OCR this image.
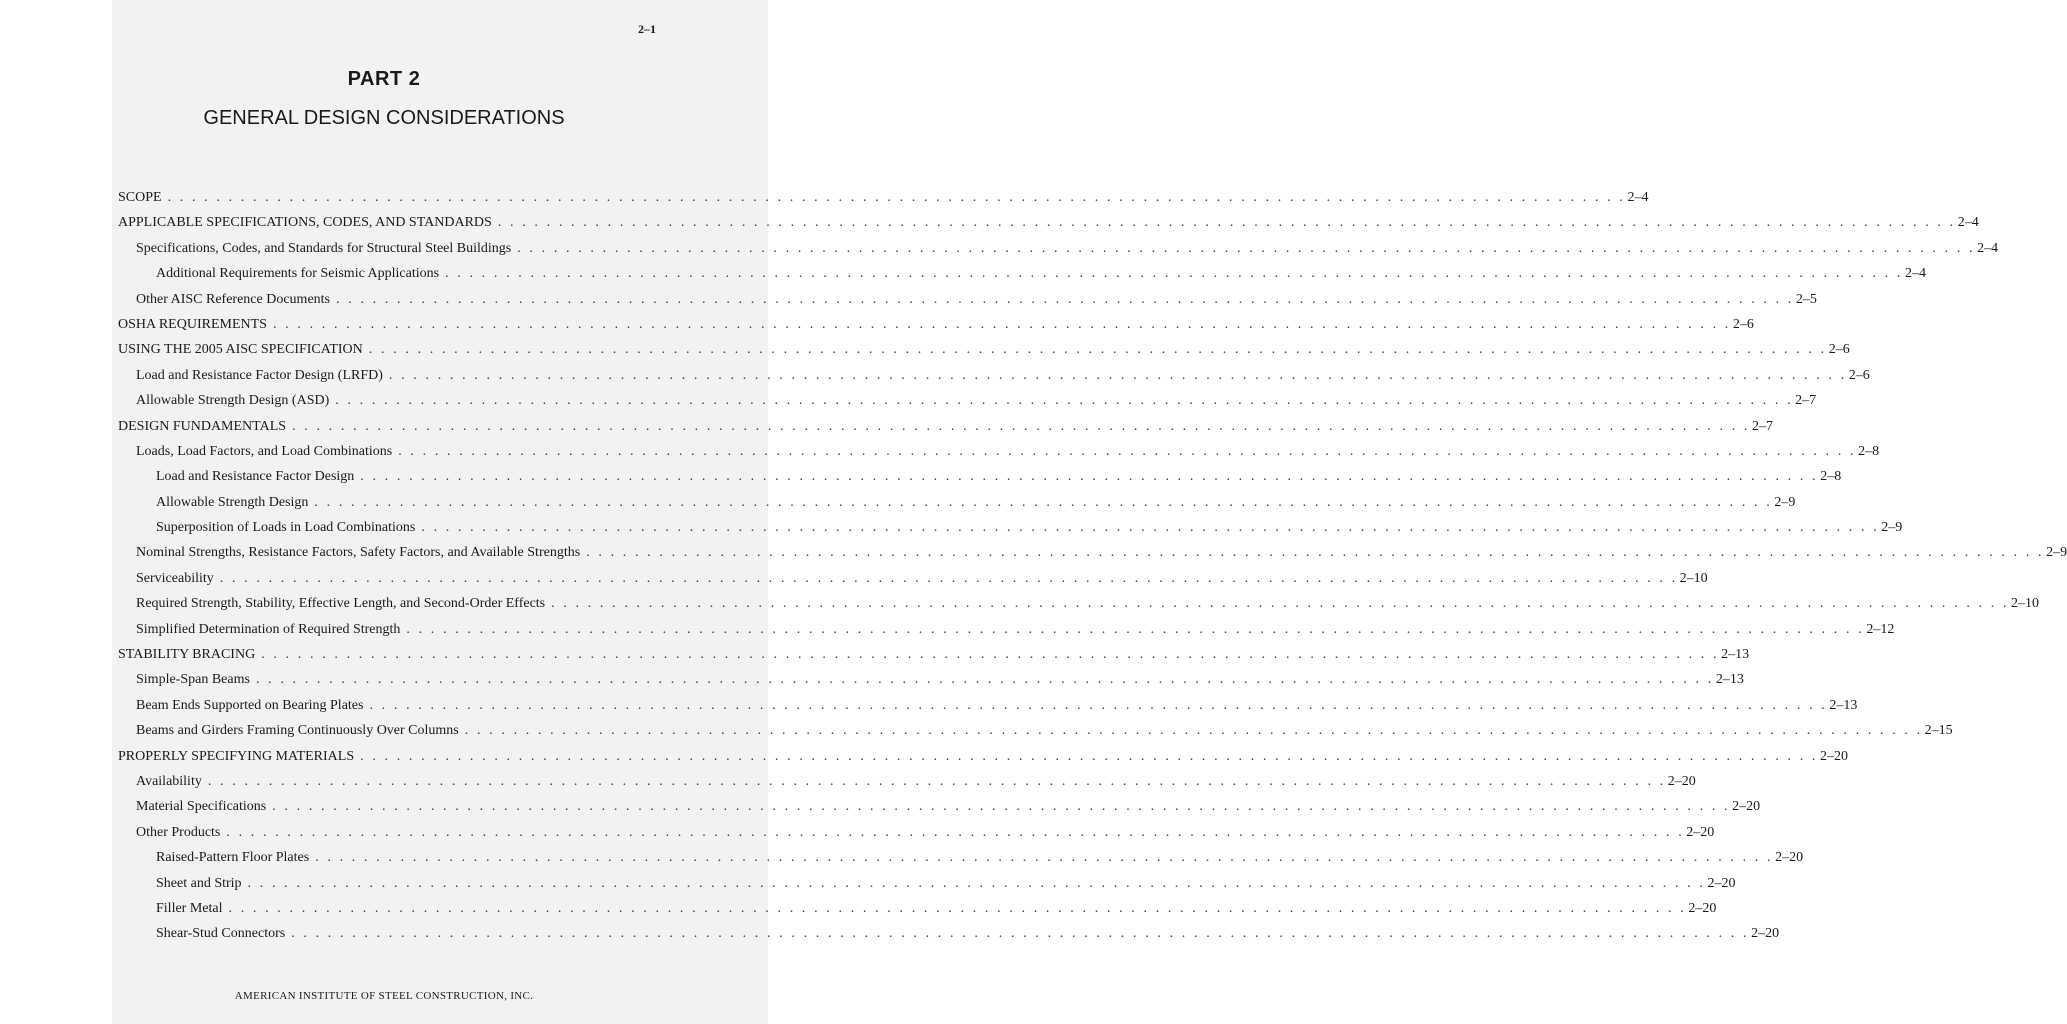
2–1
PART 2
GENERAL DESIGN CONSIDERATIONS
SCOPE . . . . . . . . . . . . . . . . . . . . . . . . . . . . . . . . . . . . . . . . . . . . . . . . . . . . . . . . . . . . . . . . . . . . . . . . . . . . . . . . . . . . . . . . . . . . . . . . . . . . . . . . . . . . . . . . . . . . . . . . 2–4
APPLICABLE SPECIFICATIONS, CODES, AND STANDARDS . . . . . . . . . . . . . . . . . . . . . . . . . . . . . . . . . . . . . . . . . . . . . . . . . . . . . . . . . . . . . . . . . . . . . . . . . . . . . . . . . . . . . . . . . . . . . . . . . . . . . . . . . . . . . . . . . . . . . . . . 2–4
Specifications, Codes, and Standards for Structural Steel Buildings . . . . . . . . . . . . . . . . . . . . . . . . . . . . . . . . . . . . . . . . . . . . . . . . . . . . . . . . . . . . . . . . . . . . . . . . . . . . . . . . . . . . . . . . . . . . . . . . . . . . . . . . . . . . . . . . . . . . . . . . 2–4
Additional Requirements for Seismic Applications . . . . . . . . . . . . . . . . . . . . . . . . . . . . . . . . . . . . . . . . . . . . . . . . . . . . . . . . . . . . . . . . . . . . . . . . . . . . . . . . . . . . . . . . . . . . . . . . . . . . . . . . . . . . . . . . . . . . . . . . 2–4
Other AISC Reference Documents . . . . . . . . . . . . . . . . . . . . . . . . . . . . . . . . . . . . . . . . . . . . . . . . . . . . . . . . . . . . . . . . . . . . . . . . . . . . . . . . . . . . . . . . . . . . . . . . . . . . . . . . . . . . . . . . . . . . . . . . 2–5
OSHA REQUIREMENTS . . . . . . . . . . . . . . . . . . . . . . . . . . . . . . . . . . . . . . . . . . . . . . . . . . . . . . . . . . . . . . . . . . . . . . . . . . . . . . . . . . . . . . . . . . . . . . . . . . . . . . . . . . . . . . . . . . . . . . . . 2–6
USING THE 2005 AISC SPECIFICATION . . . . . . . . . . . . . . . . . . . . . . . . . . . . . . . . . . . . . . . . . . . . . . . . . . . . . . . . . . . . . . . . . . . . . . . . . . . . . . . . . . . . . . . . . . . . . . . . . . . . . . . . . . . . . . . . . . . . . . . . 2–6
Load and Resistance Factor Design (LRFD) . . . . . . . . . . . . . . . . . . . . . . . . . . . . . . . . . . . . . . . . . . . . . . . . . . . . . . . . . . . . . . . . . . . . . . . . . . . . . . . . . . . . . . . . . . . . . . . . . . . . . . . . . . . . . . . . . . . . . . . . 2–6
Allowable Strength Design (ASD) . . . . . . . . . . . . . . . . . . . . . . . . . . . . . . . . . . . . . . . . . . . . . . . . . . . . . . . . . . . . . . . . . . . . . . . . . . . . . . . . . . . . . . . . . . . . . . . . . . . . . . . . . . . . . . . . . . . . . . . . 2–7
DESIGN FUNDAMENTALS . . . . . . . . . . . . . . . . . . . . . . . . . . . . . . . . . . . . . . . . . . . . . . . . . . . . . . . . . . . . . . . . . . . . . . . . . . . . . . . . . . . . . . . . . . . . . . . . . . . . . . . . . . . . . . . . . . . . . . . . 2–7
Loads, Load Factors, and Load Combinations . . . . . . . . . . . . . . . . . . . . . . . . . . . . . . . . . . . . . . . . . . . . . . . . . . . . . . . . . . . . . . . . . . . . . . . . . . . . . . . . . . . . . . . . . . . . . . . . . . . . . . . . . . . . . . . . . . . . . . . . 2–8
Load and Resistance Factor Design . . . . . . . . . . . . . . . . . . . . . . . . . . . . . . . . . . . . . . . . . . . . . . . . . . . . . . . . . . . . . . . . . . . . . . . . . . . . . . . . . . . . . . . . . . . . . . . . . . . . . . . . . . . . . . . . . . . . . . . . 2–8
Allowable Strength Design . . . . . . . . . . . . . . . . . . . . . . . . . . . . . . . . . . . . . . . . . . . . . . . . . . . . . . . . . . . . . . . . . . . . . . . . . . . . . . . . . . . . . . . . . . . . . . . . . . . . . . . . . . . . . . . . . . . . . . . . 2–9
Superposition of Loads in Load Combinations . . . . . . . . . . . . . . . . . . . . . . . . . . . . . . . . . . . . . . . . . . . . . . . . . . . . . . . . . . . . . . . . . . . . . . . . . . . . . . . . . . . . . . . . . . . . . . . . . . . . . . . . . . . . . . . . . . . . . . . . 2–9
Nominal Strengths, Resistance Factors, Safety Factors, and Available Strengths . . . . . . . . . . . . . . . . . . . . . . . . . . . . . . . . . . . . . . . . . . . . . . . . . . . . . . . . . . . . . . . . . . . . . . . . . . . . . . . . . . . . . . . . . . . . . . . . . . . . . . . . . . . . . . . . . . . . . . . . 2–9
Serviceability . . . . . . . . . . . . . . . . . . . . . . . . . . . . . . . . . . . . . . . . . . . . . . . . . . . . . . . . . . . . . . . . . . . . . . . . . . . . . . . . . . . . . . . . . . . . . . . . . . . . . . . . . . . . . . . . . . . . . . . . 2–10
Required Strength, Stability, Effective Length, and Second-Order Effects . . . . . . . . . . . . . . . . . . . . . . . . . . . . . . . . . . . . . . . . . . . . . . . . . . . . . . . . . . . . . . . . . . . . . . . . . . . . . . . . . . . . . . . . . . . . . . . . . . . . . . . . . . . . . . . . . . . . . . . . 2–10
Simplified Determination of Required Strength . . . . . . . . . . . . . . . . . . . . . . . . . . . . . . . . . . . . . . . . . . . . . . . . . . . . . . . . . . . . . . . . . . . . . . . . . . . . . . . . . . . . . . . . . . . . . . . . . . . . . . . . . . . . . . . . . . . . . . . . 2–12
STABILITY BRACING . . . . . . . . . . . . . . . . . . . . . . . . . . . . . . . . . . . . . . . . . . . . . . . . . . . . . . . . . . . . . . . . . . . . . . . . . . . . . . . . . . . . . . . . . . . . . . . . . . . . . . . . . . . . . . . . . . . . . . . . 2–13
Simple-Span Beams . . . . . . . . . . . . . . . . . . . . . . . . . . . . . . . . . . . . . . . . . . . . . . . . . . . . . . . . . . . . . . . . . . . . . . . . . . . . . . . . . . . . . . . . . . . . . . . . . . . . . . . . . . . . . . . . . . . . . . . . 2–13
Beam Ends Supported on Bearing Plates . . . . . . . . . . . . . . . . . . . . . . . . . . . . . . . . . . . . . . . . . . . . . . . . . . . . . . . . . . . . . . . . . . . . . . . . . . . . . . . . . . . . . . . . . . . . . . . . . . . . . . . . . . . . . . . . . . . . . . . . 2–13
Beams and Girders Framing Continuously Over Columns . . . . . . . . . . . . . . . . . . . . . . . . . . . . . . . . . . . . . . . . . . . . . . . . . . . . . . . . . . . . . . . . . . . . . . . . . . . . . . . . . . . . . . . . . . . . . . . . . . . . . . . . . . . . . . . . . . . . . . . . 2–15
PROPERLY SPECIFYING MATERIALS . . . . . . . . . . . . . . . . . . . . . . . . . . . . . . . . . . . . . . . . . . . . . . . . . . . . . . . . . . . . . . . . . . . . . . . . . . . . . . . . . . . . . . . . . . . . . . . . . . . . . . . . . . . . . . . . . . . . . . . . 2–20
Availability . . . . . . . . . . . . . . . . . . . . . . . . . . . . . . . . . . . . . . . . . . . . . . . . . . . . . . . . . . . . . . . . . . . . . . . . . . . . . . . . . . . . . . . . . . . . . . . . . . . . . . . . . . . . . . . . . . . . . . . . 2–20
Material Specifications . . . . . . . . . . . . . . . . . . . . . . . . . . . . . . . . . . . . . . . . . . . . . . . . . . . . . . . . . . . . . . . . . . . . . . . . . . . . . . . . . . . . . . . . . . . . . . . . . . . . . . . . . . . . . . . . . . . . . . . . 2–20
Other Products . . . . . . . . . . . . . . . . . . . . . . . . . . . . . . . . . . . . . . . . . . . . . . . . . . . . . . . . . . . . . . . . . . . . . . . . . . . . . . . . . . . . . . . . . . . . . . . . . . . . . . . . . . . . . . . . . . . . . . . . 2–20
Raised-Pattern Floor Plates . . . . . . . . . . . . . . . . . . . . . . . . . . . . . . . . . . . . . . . . . . . . . . . . . . . . . . . . . . . . . . . . . . . . . . . . . . . . . . . . . . . . . . . . . . . . . . . . . . . . . . . . . . . . . . . . . . . . . . . . 2–20
Sheet and Strip . . . . . . . . . . . . . . . . . . . . . . . . . . . . . . . . . . . . . . . . . . . . . . . . . . . . . . . . . . . . . . . . . . . . . . . . . . . . . . . . . . . . . . . . . . . . . . . . . . . . . . . . . . . . . . . . . . . . . . . . 2–20
Filler Metal . . . . . . . . . . . . . . . . . . . . . . . . . . . . . . . . . . . . . . . . . . . . . . . . . . . . . . . . . . . . . . . . . . . . . . . . . . . . . . . . . . . . . . . . . . . . . . . . . . . . . . . . . . . . . . . . . . . . . . . . 2–20
Shear-Stud Connectors . . . . . . . . . . . . . . . . . . . . . . . . . . . . . . . . . . . . . . . . . . . . . . . . . . . . . . . . . . . . . . . . . . . . . . . . . . . . . . . . . . . . . . . . . . . . . . . . . . . . . . . . . . . . . . . . . . . . . . . . 2–20
AMERICAN INSTITUTE OF STEEL CONSTRUCTION, INC.
